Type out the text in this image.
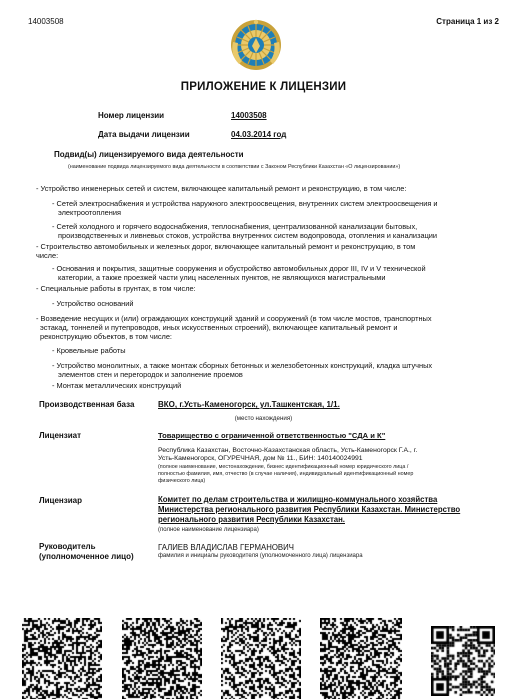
14003508	Страница 1 из 2
ПРИЛОЖЕНИЕ К ЛИЦЕНЗИИ
Номер лицензии	14003508
Дата выдачи лицензии	04.03.2014 год
Подвид(ы) лицензируемого вида деятельности
(наименование подвида лицензируемого вида деятельности в соответствии с Законом Республики Казахстан «О лицензировании»)
- Устройство инженерных сетей и систем, включающее капитальный ремонт и реконструкцию, в том числе:
- Сетей электроснабжения и устройства наружного электроосвещения, внутренних систем электроосвещения и
электроотопления
- Сетей холодного и горячего водоснабжения, теплоснабжения, централизованной канализации бытовых,
производственных и ливневых стоков, устройства внутренних систем водопровода, отопления и канализации
- Строительство автомобильных и железных дорог, включающее капитальный ремонт и реконструкцию, в том
числе:
- Основания и покрытия, защитные сооружения и обустройство автомобильных дорог III, IV и V технической
категории, а также проезжей части улиц населенных пунктов, не являющихся магистральными
- Специальные работы в грунтах, в том числе:
- Устройство оснований
- Возведение несущих и (или) ограждающих конструкций зданий и сооружений (в том числе мостов, транспортных
эстакад, тоннелей и путепроводов, иных искусственных строений), включающее капитальный ремонт и
реконструкцию объектов, в том числе:
- Кровельные работы
- Устройство монолитных, а также монтаж сборных бетонных и железобетонных конструкций, кладка штучных
элементов стен и перегородок и заполнение проемов
- Монтаж металлических конструкций
Производственная база	ВКО, г.Усть-Каменогорск, ул.Ташкентская, 1/1.
(место нахождения)
Лицензиат	Товарищество с ограниченной ответственностью "СДА и К"
Республика Казахстан, Восточно-Казахстанская область, Усть-Каменогорск Г.А., г.
Усть-Каменогорск, ОГУРЕЧНАЯ, дом № 11., БИН: 140140024991
(полное наименование, местонахождение, бизнес идентификационный номер юридического лица /
полностью фамилия, имя, отчество (в случае наличия), индивидуальный идентификационный номер
физического лица)
Лицензиар	Комитет по делам строительства и жилищно-коммунального хозяйства
Министерства регионального развития Республики Казахстан. Министерство
регионального развития Республики Казахстан.
(полное наименование лицензиара)
Руководитель
(уполномоченное лицо)
ГАЛИЕВ ВЛАДИСЛАВ ГЕРМАНОВИЧ
фамилия и инициалы руководителя (уполномоченного лица) лицензиара
